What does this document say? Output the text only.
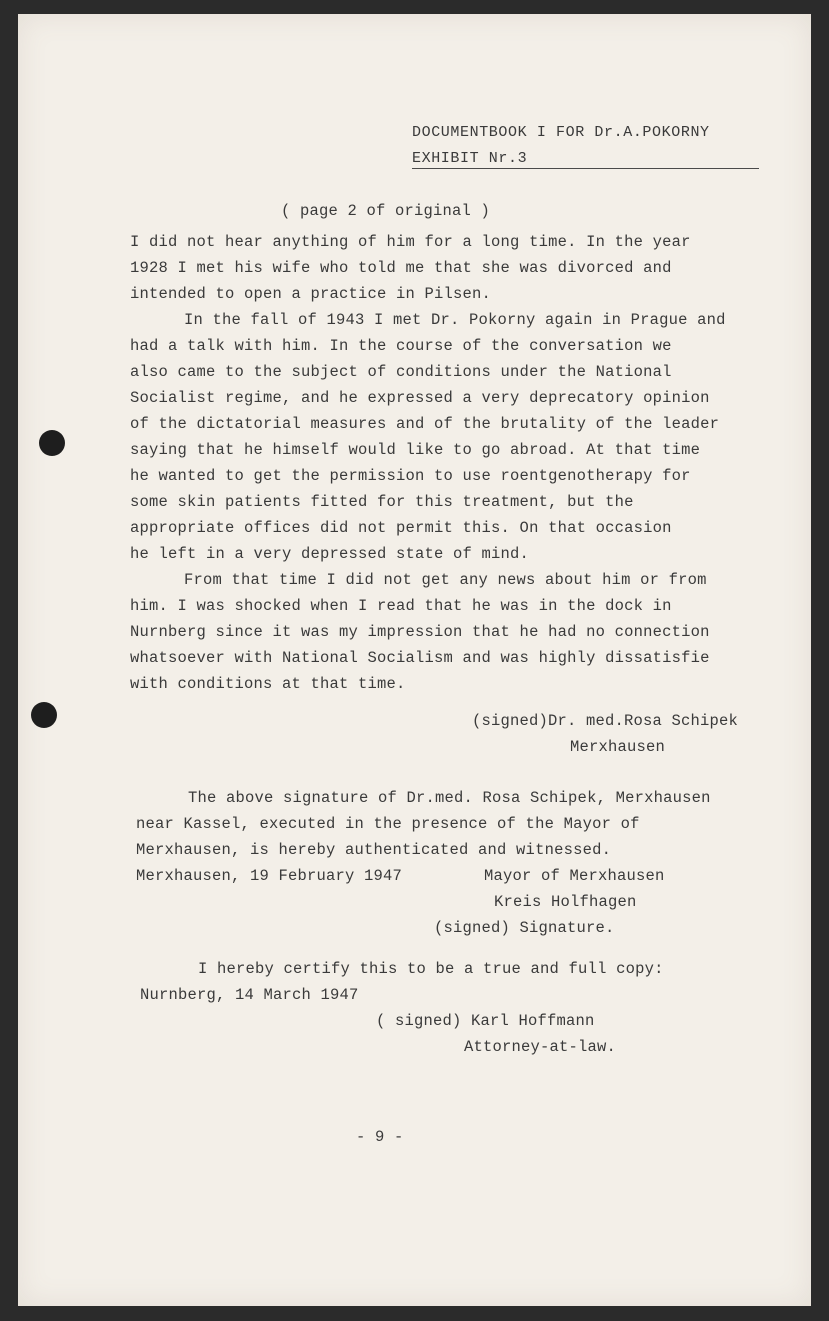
DOCUMENTBOOK I FOR Dr.A.POKORNY
EXHIBIT Nr.3
( page 2 of original )
I did not hear anything of him for a long time. In the year
1928 I met his wife who told me that she was divorced and
intended to open a practice in Pilsen.
In the fall of 1943 I met Dr. Pokorny again in Prague and
had a talk with him. In the course of the conversation we
also came to the subject of conditions under the National
Socialist regime, and he expressed a very deprecatory opinion
of the dictatorial measures and of the brutality of the leader
saying that he himself would like to go abroad. At that time
he wanted to get the permission to use roentgenotherapy for
some skin patients fitted for this treatment, but the
appropriate offices did not permit this. On that occasion
he left in a very depressed state of mind.
From that time I did not get any news about him or from
him. I was shocked when I read that he was in the dock in
Nurnberg since it was my impression that he had no connection
whatsoever with National Socialism and was highly dissatisfie
with conditions at that time.
(signed)Dr. med.Rosa Schipek
Merxhausen
The above signature of Dr.med. Rosa Schipek, Merxhausen
near Kassel, executed in the presence of the Mayor of
Merxhausen, is hereby authenticated and witnessed.
Merxhausen, 19 February 1947	Mayor of Merxhausen
Kreis Holfhagen
(signed) Signature.
I hereby certify this to be a true and full copy:
Nurnberg, 14 March 1947
( signed) Karl Hoffmann
Attorney-at-law.
- 9 -
